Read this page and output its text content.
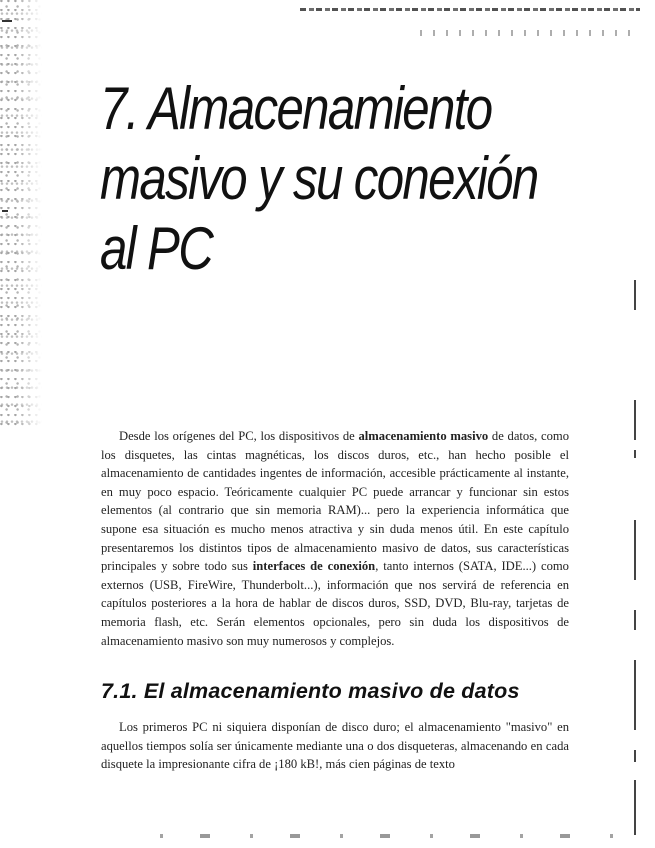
7. Almacenamiento
masivo y su conexión
al PC

Desde los orígenes del PC, los dispositivos de almacenamiento masivo de datos, como los disquetes, las cintas magnéticas, los discos duros, etc., han hecho posible el almacenamiento de cantidades ingentes de información, accesible prácticamente al instante, en muy poco espacio. Teóricamente cualquier PC puede arrancar y funcionar sin estos elementos (al contrario que sin memoria RAM)... pero la experiencia informática que supone esa situación es mucho menos atractiva y sin duda menos útil. En este capítulo presentaremos los distintos tipos de almacenamiento masivo de datos, sus características principales y sobre todo sus interfaces de conexión, tanto internos (SATA, IDE...) como externos (USB, FireWire, Thunderbolt...), información que nos servirá de referencia en capítulos posteriores a la hora de hablar de discos duros, SSD, DVD, Blu-ray, tarjetas de memoria flash, etc. Serán elementos opcionales, pero sin duda los dispositivos de almacenamiento masivo son muy numerosos y complejos.

7.1. El almacenamiento masivo de datos

Los primeros PC ni siquiera disponían de disco duro; el almacenamiento "masivo" en aquellos tiempos solía ser únicamente mediante una o dos disqueteras, almacenando en cada disquete la impresionante cifra de ¡180 kB!, más cien páginas de texto
